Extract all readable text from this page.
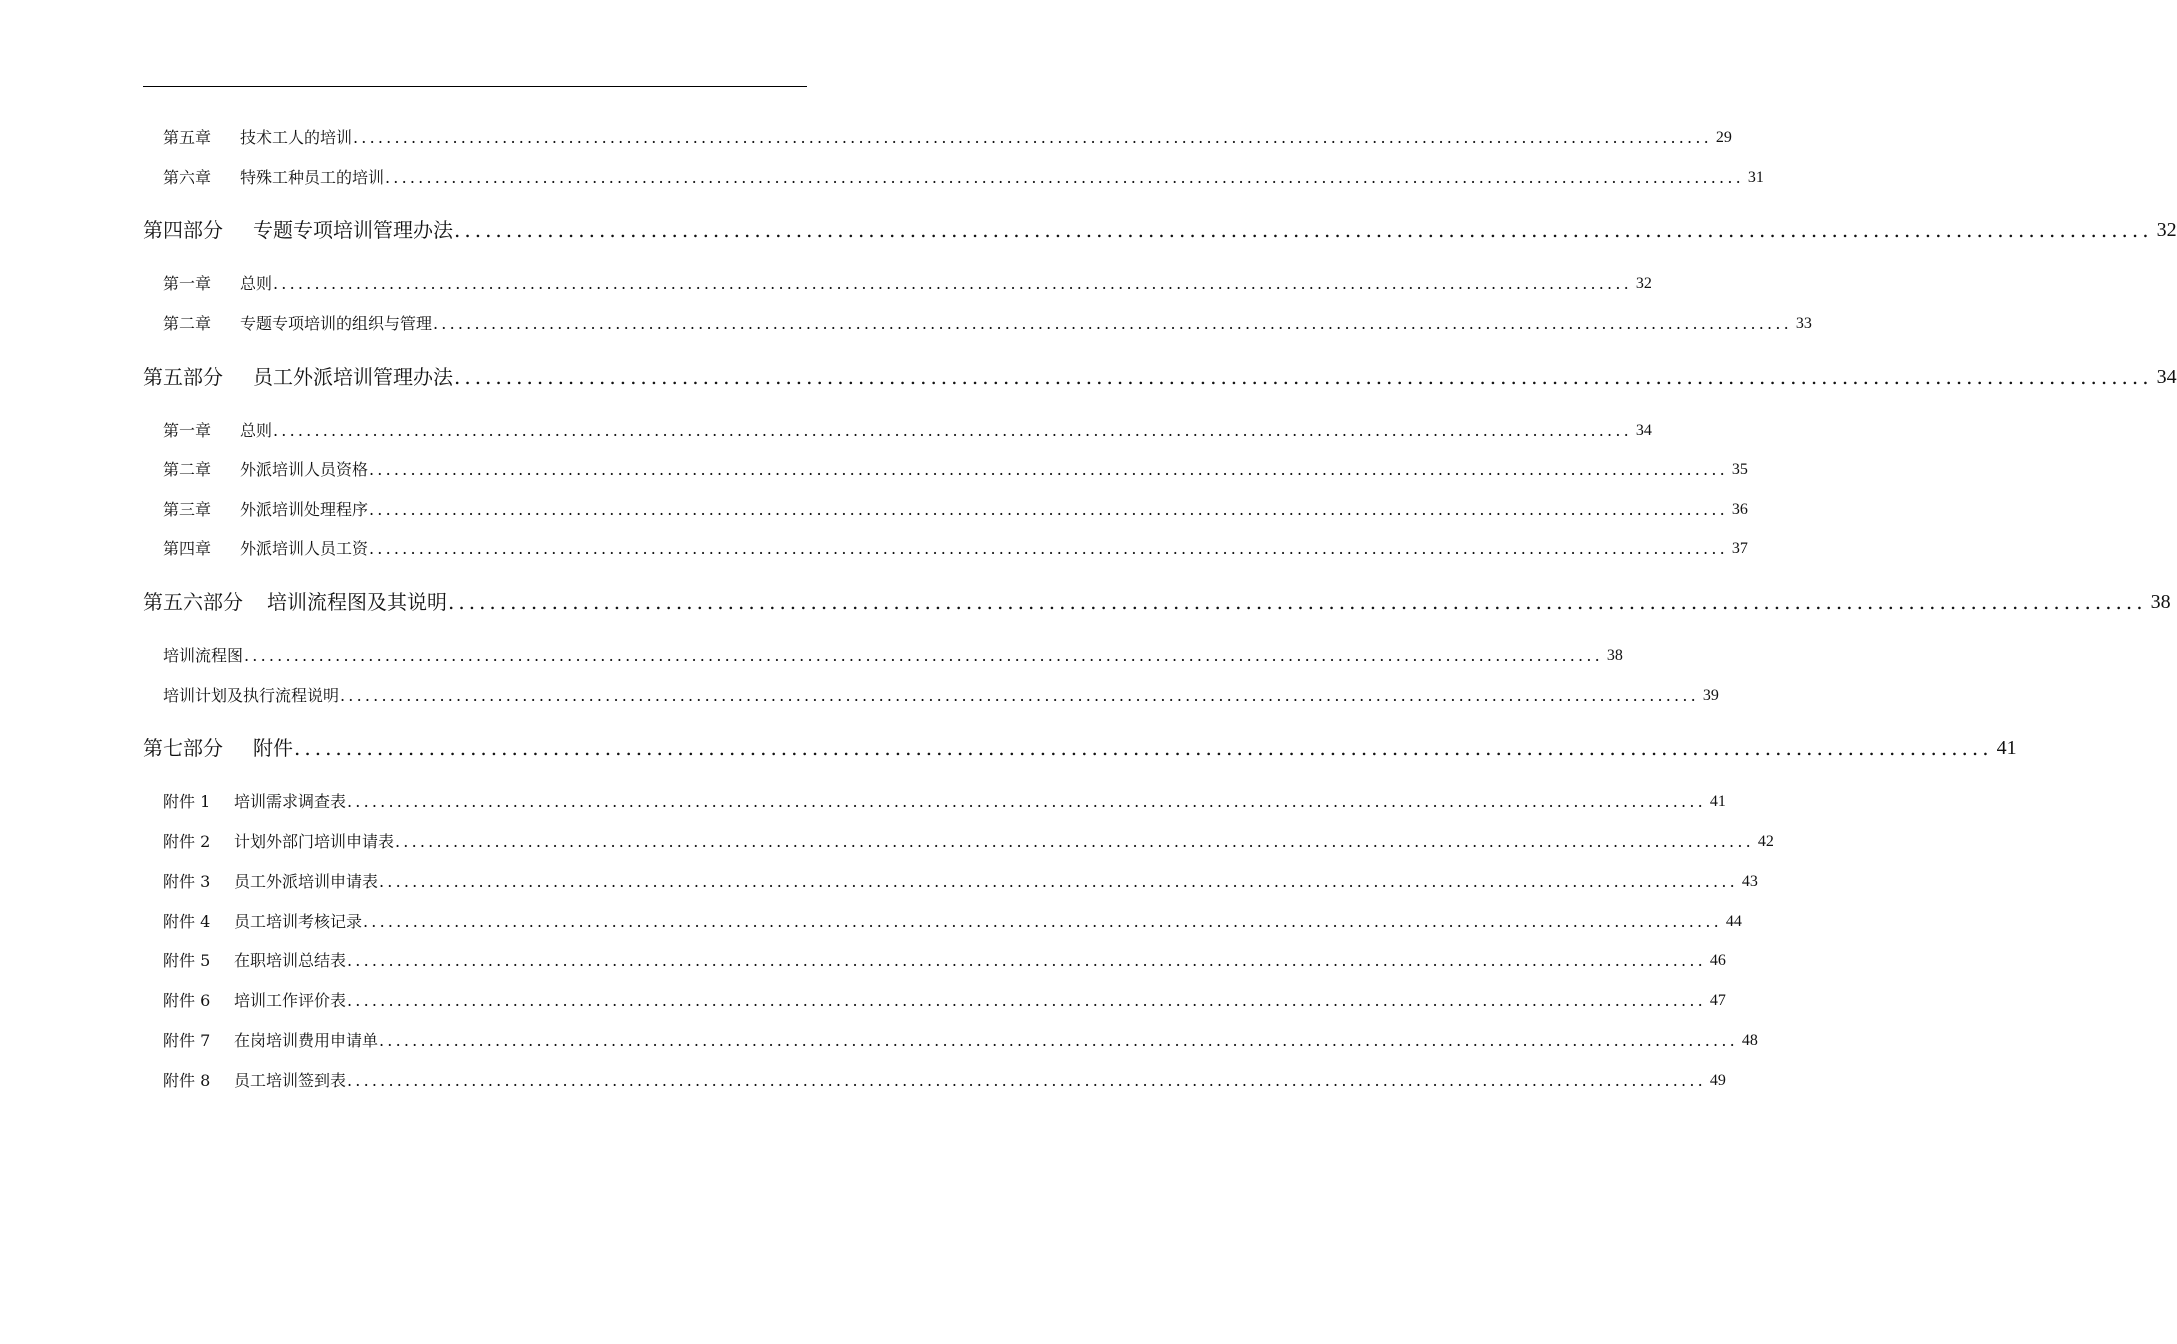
第五章	技术工人的培训 .................................................................................................................................................................... 29
第六章	特殊工种员工的培训 .................................................................................................................................................................... 31
第四部分	专题专项培训管理办法 .................................................................................................................................................................... 32
第一章	总则 .................................................................................................................................................................... 32
第二章	专题专项培训的组织与管理 .................................................................................................................................................................... 33
第五部分	员工外派培训管理办法 .................................................................................................................................................................... 34
第一章	总则 .................................................................................................................................................................... 34
第二章	外派培训人员资格 .................................................................................................................................................................... 35
第三章	外派培训处理程序 .................................................................................................................................................................... 36
第四章	外派培训人员工资 .................................................................................................................................................................... 37
第五六部分	培训流程图及其说明 .................................................................................................................................................................... 38
培训流程图 .................................................................................................................................................................... 38
培训计划及执行流程说明 .................................................................................................................................................................... 39
第七部分	附件 .................................................................................................................................................................... 41
附件 1	培训需求调查表 .................................................................................................................................................................... 41
附件 2	计划外部门培训申请表 .................................................................................................................................................................... 42
附件 3	员工外派培训申请表 .................................................................................................................................................................... 43
附件 4	员工培训考核记录 .................................................................................................................................................................... 44
附件 5	在职培训总结表 .................................................................................................................................................................... 46
附件 6	培训工作评价表 .................................................................................................................................................................... 47
附件 7	在岗培训费用申请单 .................................................................................................................................................................... 48
附件 8	员工培训签到表 .................................................................................................................................................................... 49
